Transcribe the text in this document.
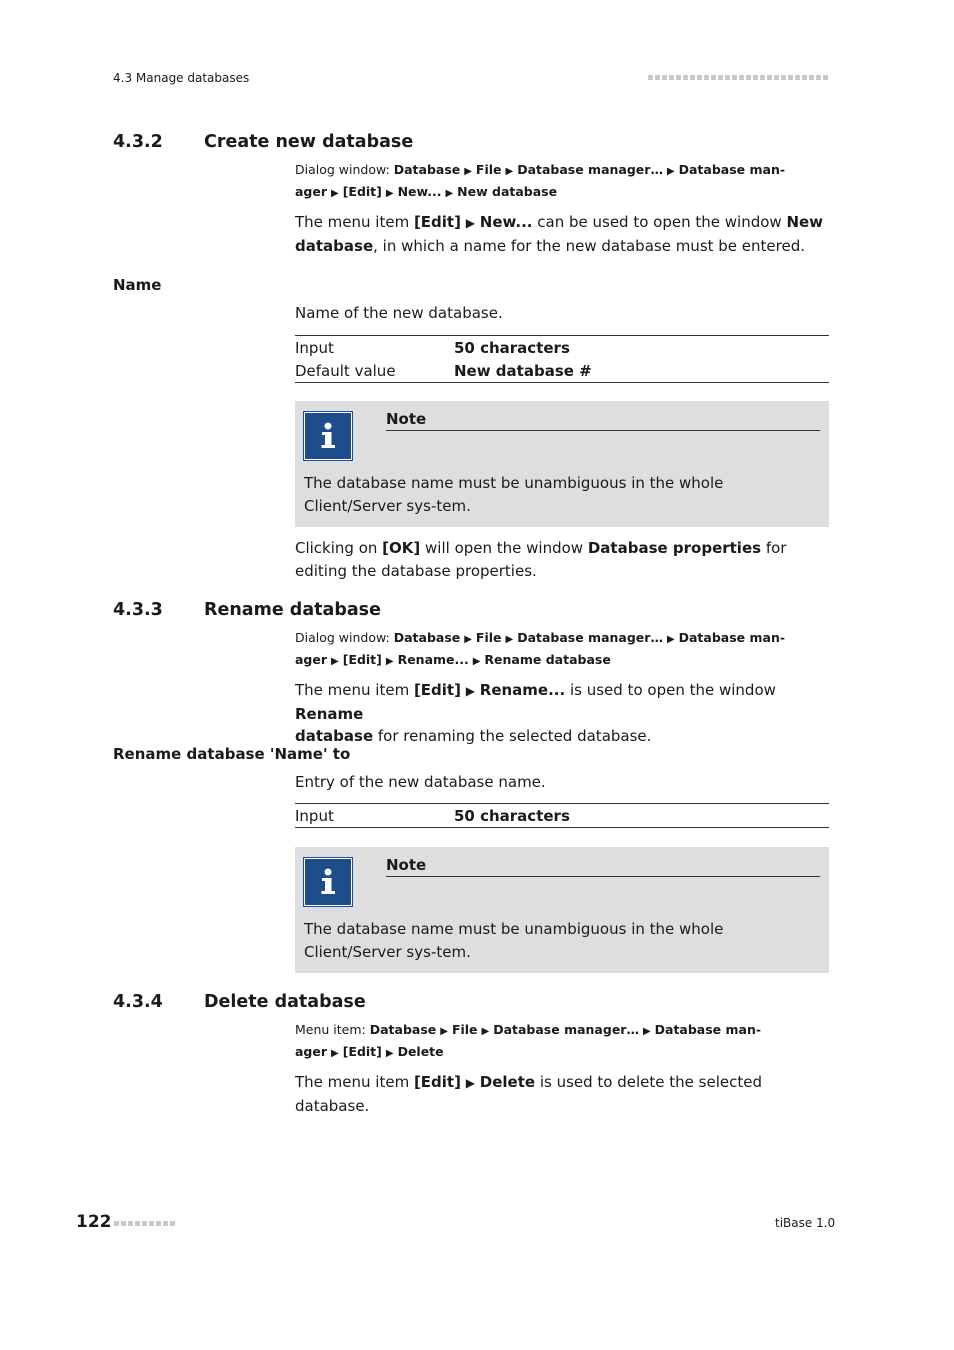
4.3 Manage databases
4.3.2 Create new database
Dialog window: Database ▶ File ▶ Database manager… ▶ Database man-
ager ▶ [Edit] ▶ New... ▶ New database
The menu item [Edit] ▶ New... can be used to open the window New
database, in which a name for the new database must be entered.
Name
Name of the new database.
Input	50 characters
Default value	New database #
Note
The database name must be unambiguous in the whole Client/Server sys-tem.
Clicking on [OK] will open the window Database properties for editing the database properties.
4.3.3 Rename database
Dialog window: Database ▶ File ▶ Database manager… ▶ Database man-
ager ▶ [Edit] ▶ Rename... ▶ Rename database
The menu item [Edit] ▶ Rename... is used to open the window Rename
database for renaming the selected database.
Rename database 'Name' to
Entry of the new database name.
Input	50 characters
Note
The database name must be unambiguous in the whole Client/Server sys-tem.
4.3.4 Delete database
Menu item: Database ▶ File ▶ Database manager… ▶ Database man-
ager ▶ [Edit] ▶ Delete
The menu item [Edit] ▶ Delete is used to delete the selected database.
122	tiBase 1.0
